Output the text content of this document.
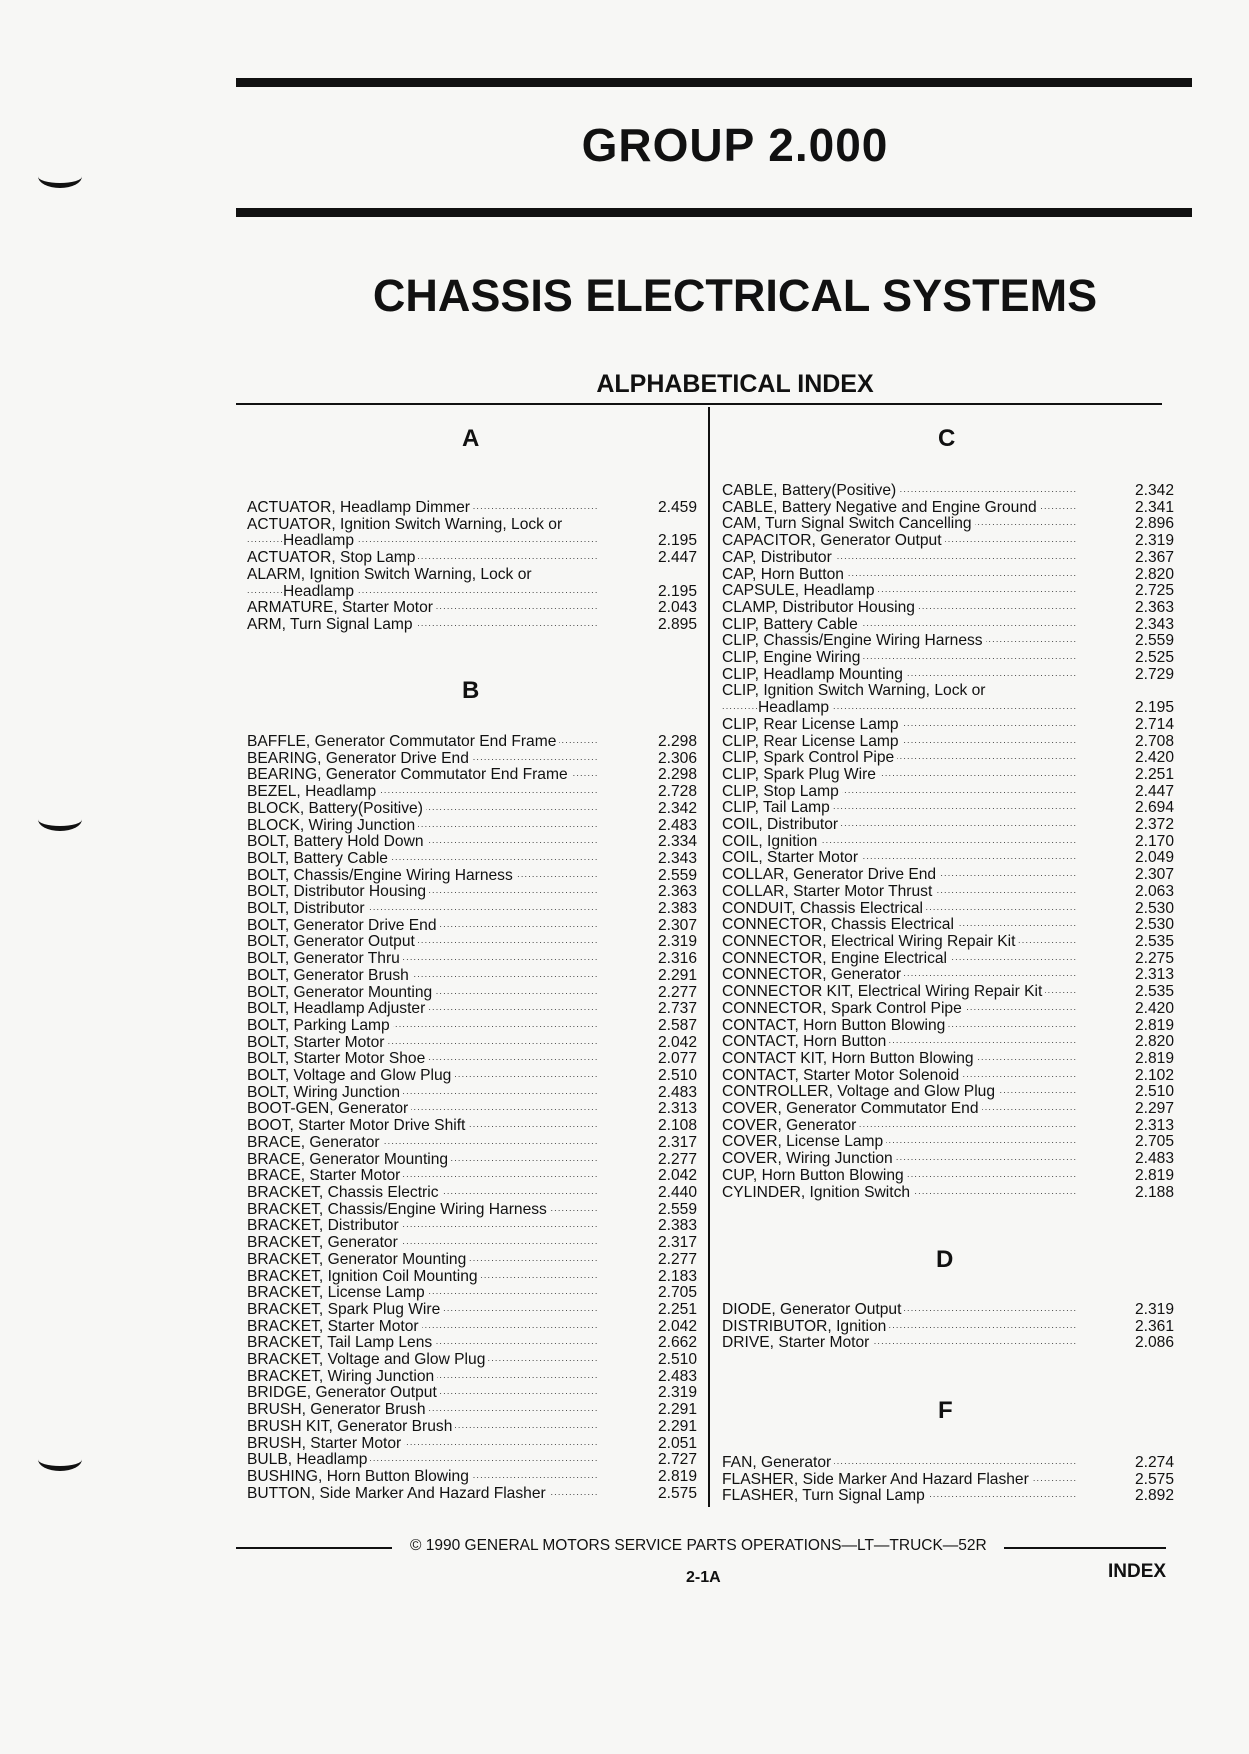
GROUP 2.000
CHASSIS ELECTRICAL SYSTEMS
ALPHABETICAL INDEX
A
B
C
D
F
ACTUATOR, Headlamp Dimmer .....	2.459
ACTUATOR, Ignition Switch Warning, Lock or
Headlamp .....	2.195
ACTUATOR, Stop Lamp .....	2.447
ALARM, Ignition Switch Warning, Lock or
Headlamp .....	2.195
ARMATURE, Starter Motor .....	2.043
ARM, Turn Signal Lamp .....	2.895
BAFFLE, Generator Commutator End Frame .....	2.298
BEARING, Generator Drive End .....	2.306
BEARING, Generator Commutator End Frame .....	2.298
BEZEL, Headlamp .....	2.728
BLOCK, Battery(Positive) .....	2.342
BLOCK, Wiring Junction .....	2.483
BOLT, Battery Hold Down .....	2.334
BOLT, Battery Cable .....	2.343
BOLT, Chassis/Engine Wiring Harness .....	2.559
BOLT, Distributor Housing .....	2.363
BOLT, Distributor .....	2.383
BOLT, Generator Drive End .....	2.307
BOLT, Generator Output .....	2.319
BOLT, Generator Thru .....	2.316
BOLT, Generator Brush .....	2.291
BOLT, Generator Mounting .....	2.277
BOLT, Headlamp Adjuster .....	2.737
BOLT, Parking Lamp .....	2.587
BOLT, Starter Motor .....	2.042
BOLT, Starter Motor Shoe .....	2.077
BOLT, Voltage and Glow Plug .....	2.510
BOLT, Wiring Junction .....	2.483
BOOT-GEN, Generator .....	2.313
BOOT, Starter Motor Drive Shift .....	2.108
BRACE, Generator .....	2.317
BRACE, Generator Mounting .....	2.277
BRACE, Starter Motor .....	2.042
BRACKET, Chassis Electric .....	2.440
BRACKET, Chassis/Engine Wiring Harness .....	2.559
BRACKET, Distributor .....	2.383
BRACKET, Generator .....	2.317
BRACKET, Generator Mounting .....	2.277
BRACKET, Ignition Coil Mounting .....	2.183
BRACKET, License Lamp .....	2.705
BRACKET, Spark Plug Wire .....	2.251
BRACKET, Starter Motor .....	2.042
BRACKET, Tail Lamp Lens .....	2.662
BRACKET, Voltage and Glow Plug .....	2.510
BRACKET, Wiring Junction .....	2.483
BRIDGE, Generator Output .....	2.319
BRUSH, Generator Brush .....	2.291
BRUSH KIT, Generator Brush .....	2.291
BRUSH, Starter Motor .....	2.051
BULB, Headlamp .....	2.727
BUSHING, Horn Button Blowing .....	2.819
BUTTON, Side Marker And Hazard Flasher .....	2.575
CABLE, Battery(Positive) .....	2.342
CABLE, Battery Negative and Engine Ground .....	2.341
CAM, Turn Signal Switch Cancelling .....	2.896
CAPACITOR, Generator Output .....	2.319
CAP, Distributor .....	2.367
CAP, Horn Button .....	2.820
CAPSULE, Headlamp .....	2.725
CLAMP, Distributor Housing .....	2.363
CLIP, Battery Cable .....	2.343
CLIP, Chassis/Engine Wiring Harness .....	2.559
CLIP, Engine Wiring .....	2.525
CLIP, Headlamp Mounting .....	2.729
CLIP, Ignition Switch Warning, Lock or
Headlamp .....	2.195
CLIP, Rear License Lamp .....	2.714
CLIP, Rear License Lamp .....	2.708
CLIP, Spark Control Pipe .....	2.420
CLIP, Spark Plug Wire .....	2.251
CLIP, Stop Lamp .....	2.447
CLIP, Tail Lamp .....	2.694
COIL, Distributor .....	2.372
COIL, Ignition .....	2.170
COIL, Starter Motor .....	2.049
COLLAR, Generator Drive End .....	2.307
COLLAR, Starter Motor Thrust .....	2.063
CONDUIT, Chassis Electrical .....	2.530
CONNECTOR, Chassis Electrical .....	2.530
CONNECTOR, Electrical Wiring Repair Kit .....	2.535
CONNECTOR, Engine Electrical .....	2.275
CONNECTOR, Generator .....	2.313
CONNECTOR KIT, Electrical Wiring Repair Kit .....	2.535
CONNECTOR, Spark Control Pipe .....	2.420
CONTACT, Horn Button Blowing .....	2.819
CONTACT, Horn Button .....	2.820
CONTACT KIT, Horn Button Blowing .....	2.819
CONTACT, Starter Motor Solenoid .....	2.102
CONTROLLER, Voltage and Glow Plug .....	2.510
COVER, Generator Commutator End .....	2.297
COVER, Generator .....	2.313
COVER, License Lamp .....	2.705
COVER, Wiring Junction .....	2.483
CUP, Horn Button Blowing .....	2.819
CYLINDER, Ignition Switch .....	2.188
DIODE, Generator Output .....	2.319
DISTRIBUTOR, Ignition .....	2.361
DRIVE, Starter Motor .....	2.086
FAN, Generator .....	2.274
FLASHER, Side Marker And Hazard Flasher .....	2.575
FLASHER, Turn Signal Lamp .....	2.892
© 1990 GENERAL MOTORS SERVICE PARTS OPERATIONS—LT—TRUCK—52R
2-1A	INDEX
